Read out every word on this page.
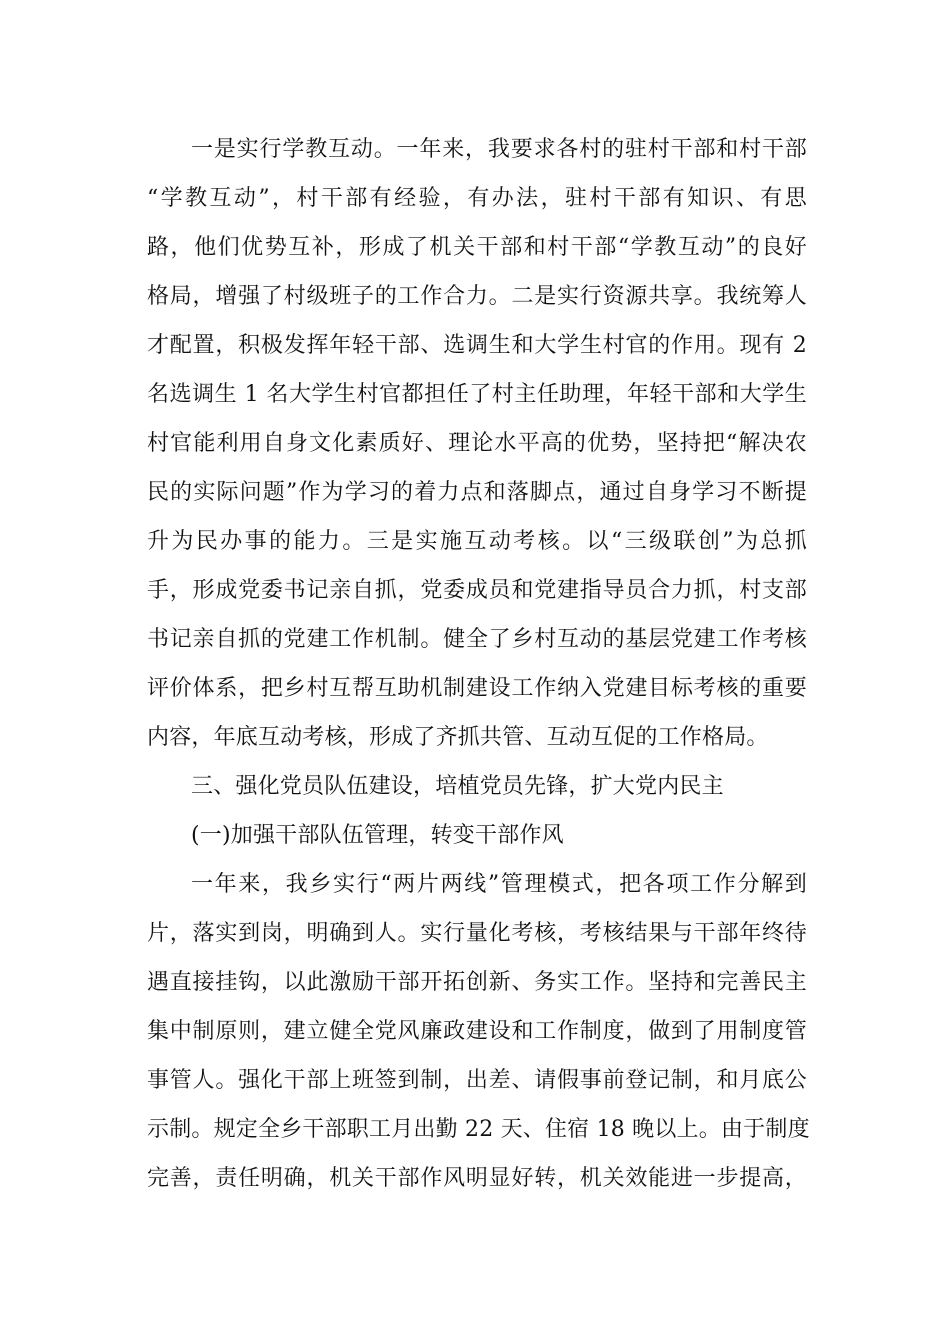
一是实行学教互动。一年来，我要求各村的驻村干部和村干部
“学教互动”，村干部有经验，有办法，驻村干部有知识、有思
路，他们优势互补，形成了机关干部和村干部“学教互动”的良好
格局，增强了村级班子的工作合力。二是实行资源共享。我统筹人
才配置，积极发挥年轻干部、选调生和大学生村官的作用。现有 2
名选调生 1 名大学生村官都担任了村主任助理，年轻干部和大学生
村官能利用自身文化素质好、理论水平高的优势，坚持把“解决农
民的实际问题”作为学习的着力点和落脚点，通过自身学习不断提
升为民办事的能力。三是实施互动考核。以“三级联创”为总抓
手，形成党委书记亲自抓，党委成员和党建指导员合力抓，村支部
书记亲自抓的党建工作机制。健全了乡村互动的基层党建工作考核
评价体系，把乡村互帮互助机制建设工作纳入党建目标考核的重要
内容，年底互动考核，形成了齐抓共管、互动互促的工作格局。
三、强化党员队伍建设，培植党员先锋，扩大党内民主
(一)加强干部队伍管理，转变干部作风
一年来，我乡实行“两片两线”管理模式，把各项工作分解到
片，落实到岗，明确到人。实行量化考核，考核结果与干部年终待
遇直接挂钩，以此激励干部开拓创新、务实工作。坚持和完善民主
集中制原则，建立健全党风廉政建设和工作制度，做到了用制度管
事管人。强化干部上班签到制，出差、请假事前登记制，和月底公
示制。规定全乡干部职工月出勤 22 天、住宿 18 晚以上。由于制度
完善，责任明确，机关干部作风明显好转，机关效能进一步提高，
